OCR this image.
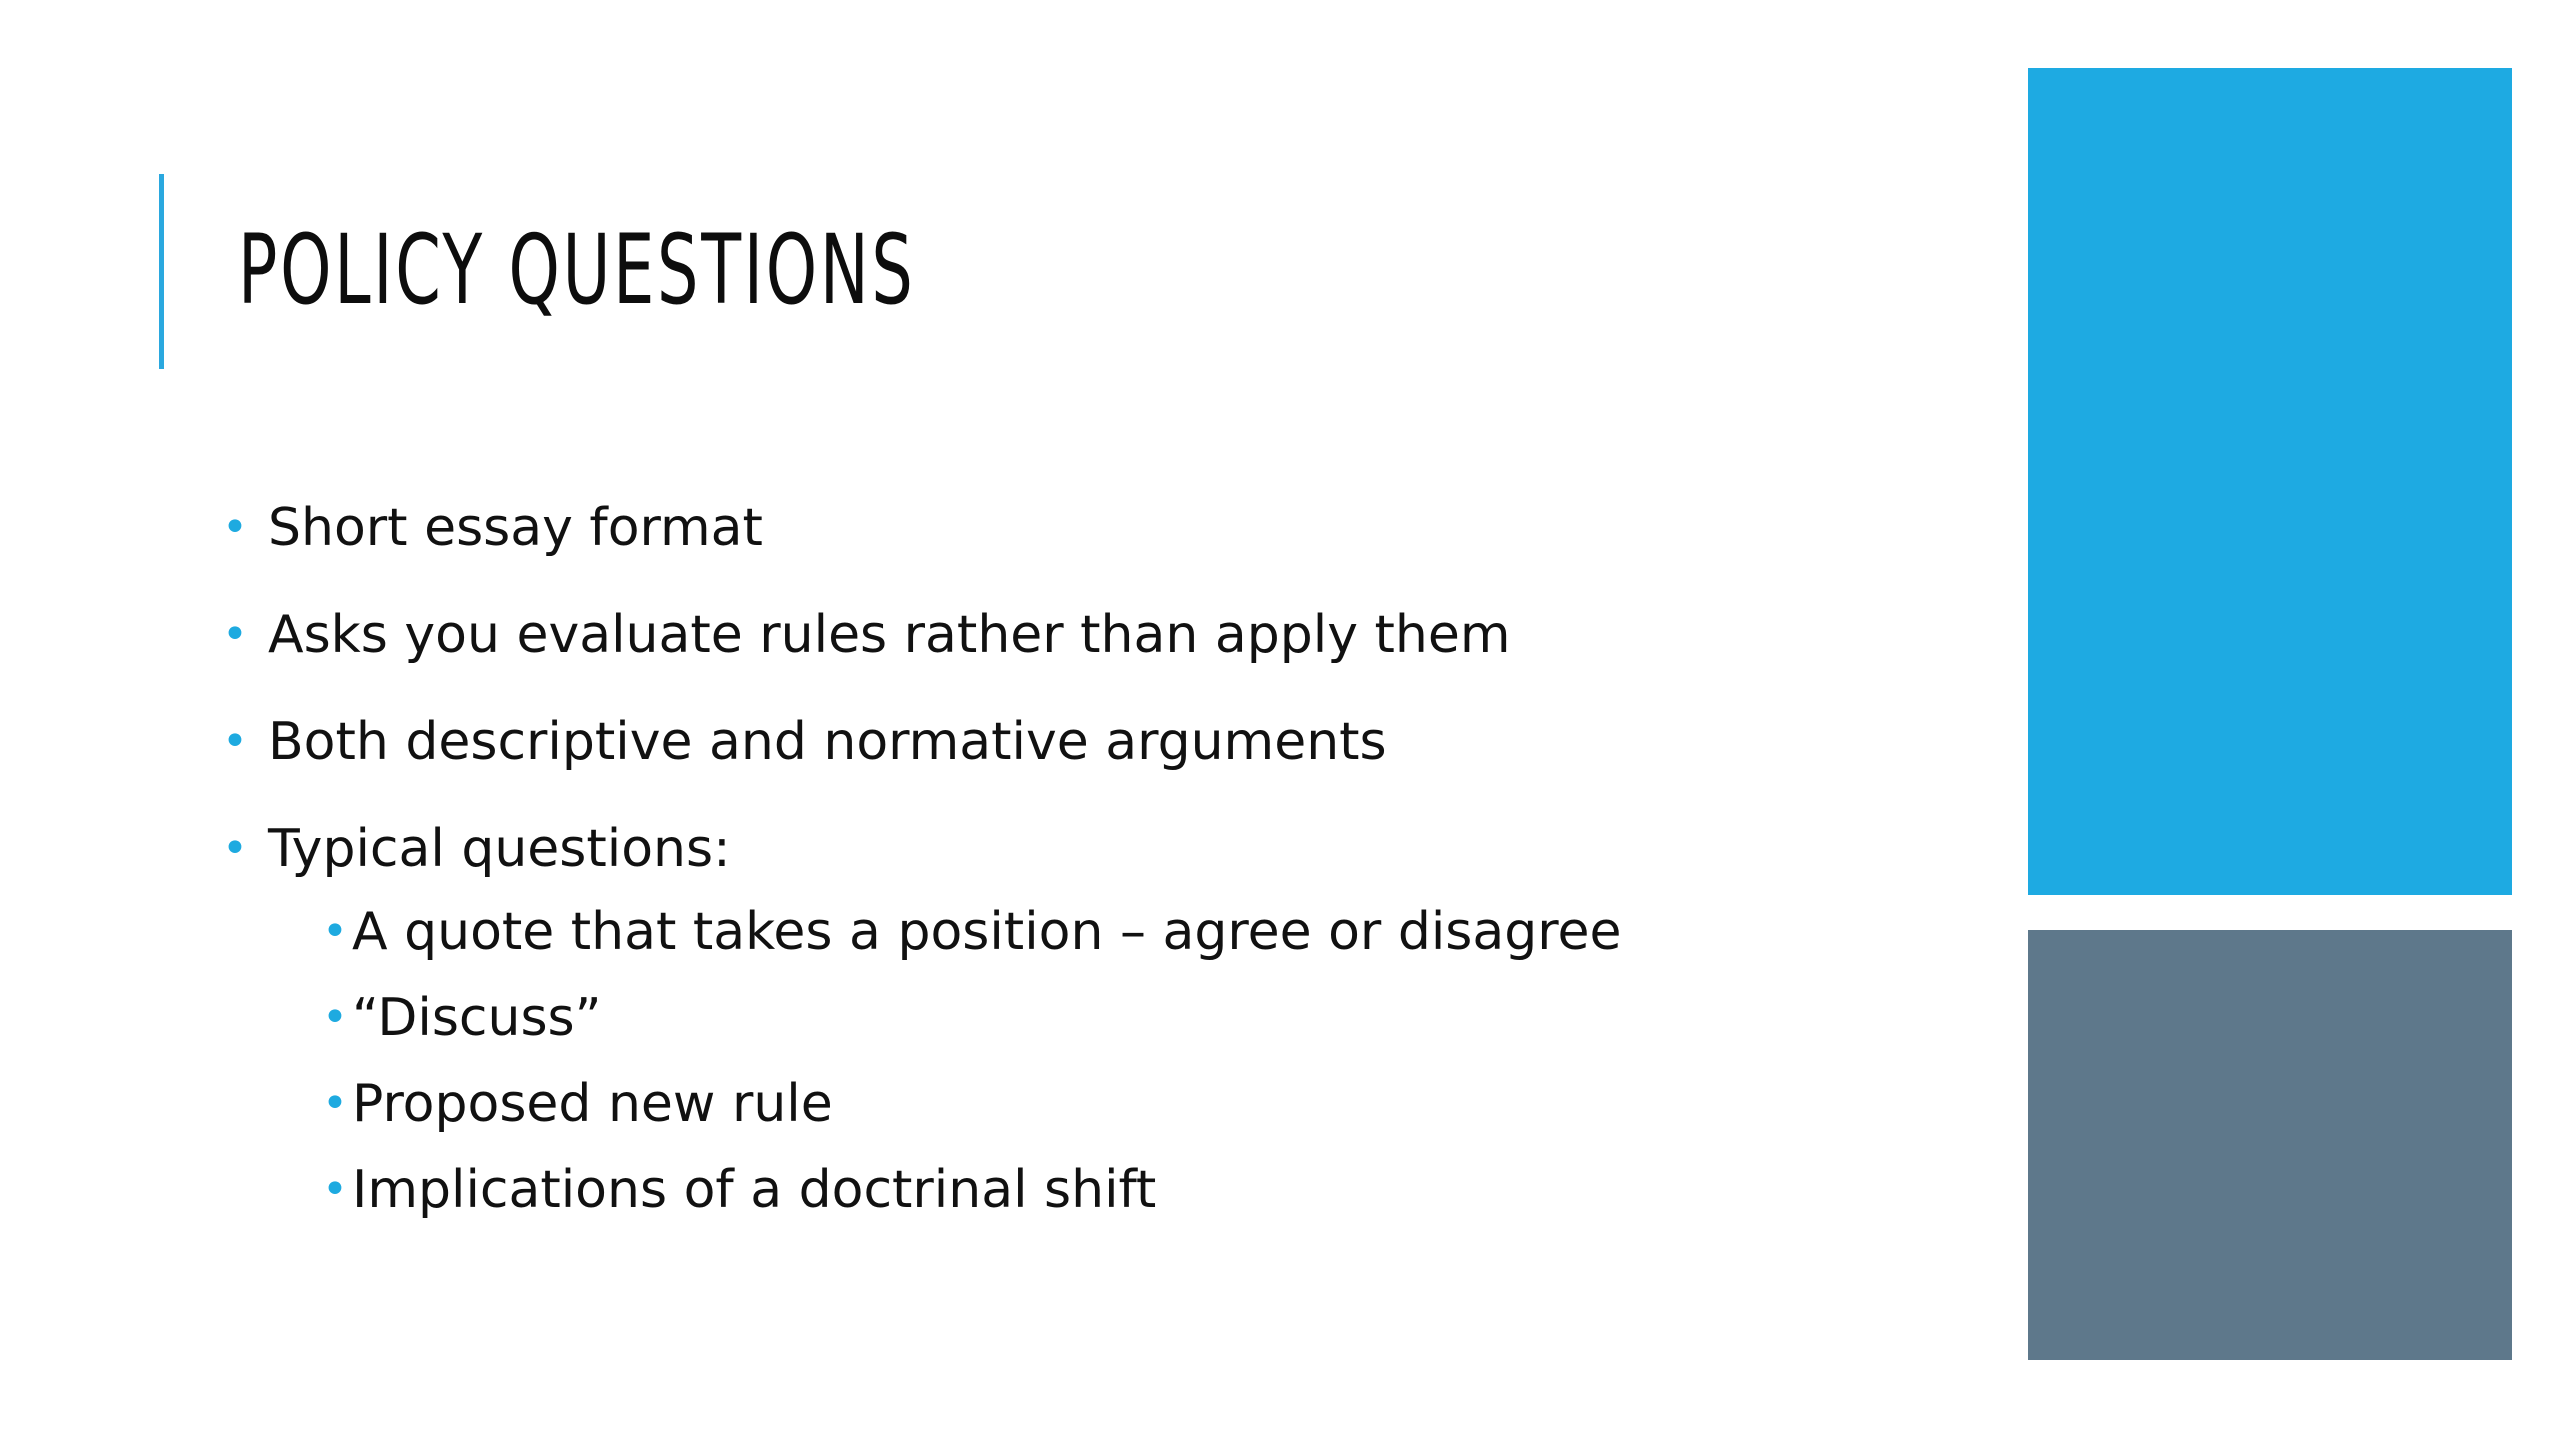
POLICY QUESTIONS
• Short essay format
• Asks you evaluate rules rather than apply them
• Both descriptive and normative arguments
• Typical questions:
• A quote that takes a position – agree or disagree
• “Discuss”
• Proposed new rule
• Implications of a doctrinal shift
